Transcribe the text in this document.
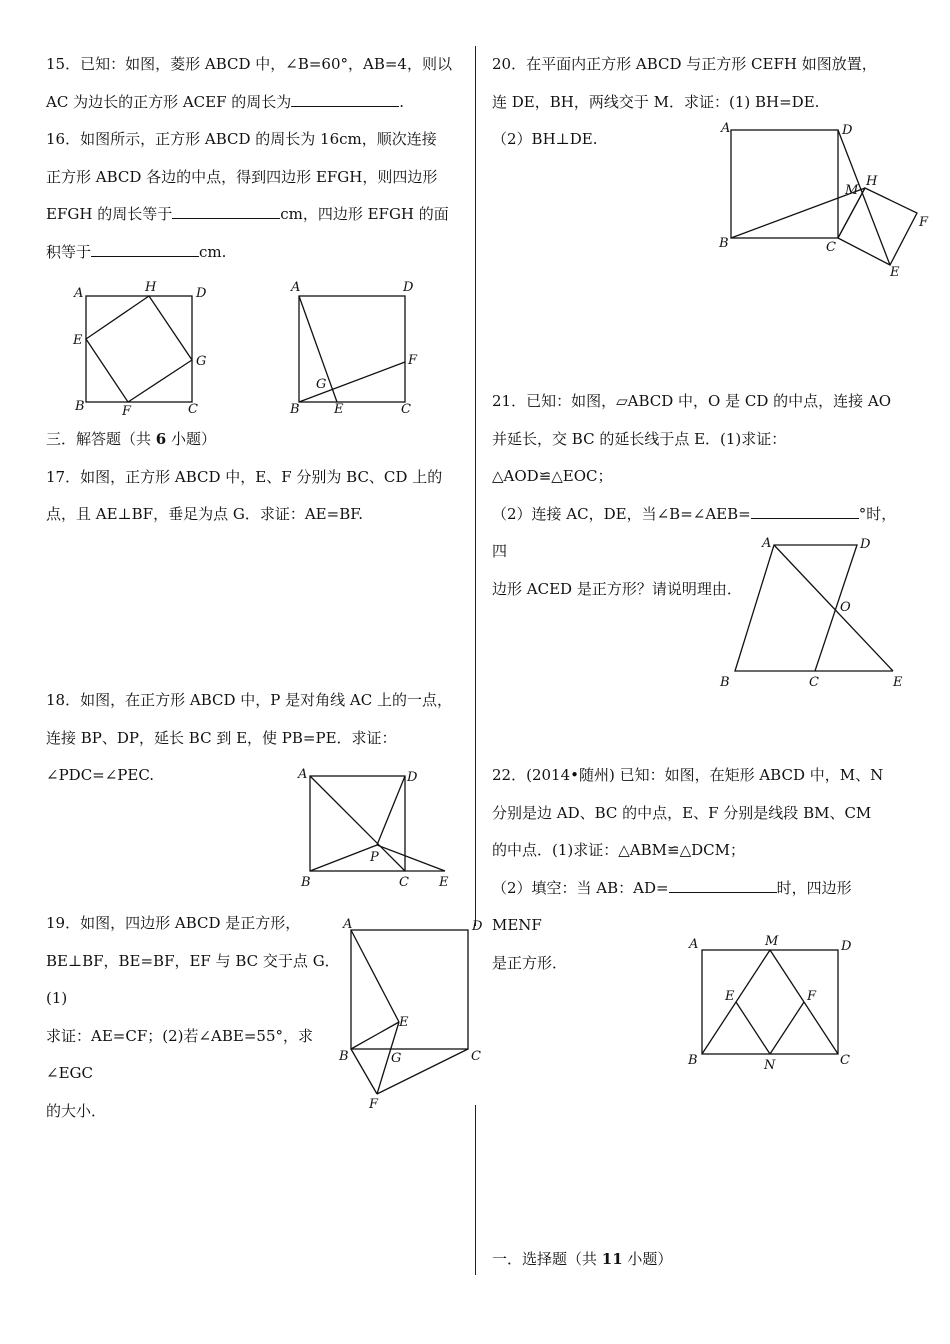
15．已知：如图，菱形 ABCD 中，∠B=60°，AB=4，则以

AC 为边长的正方形 ACEF 的周长为	.

16．如图所示，正方形 ABCD 的周长为 16cm，顺次连接

正方形 ABCD 各边的中点，得到四边形 EFGH，则四边形

EFGH 的周长等于	cm，四边形 EFGH 的面

积等于	cm.

三．解答题（共 6 小题）

17．如图，正方形 ABCD 中，E、F 分别为 BC、CD 上的

点，且 AE⊥BF，垂足为点 G．求证：AE=BF.

18．如图，在正方形 ABCD 中，P 是对角线 AC 上的一点，

连接 BP、DP，延长 BC 到 E，使 PB=PE．求证：∠PDC=∠PEC.

19．如图，四边形 ABCD 是正方形，

BE⊥BF，BE=BF，EF 与 BC 交于点 G．(1)

求证：AE=CF；(2)若∠ABE=55°，求∠EGC

的大小．

20．在平面内正方形 ABCD 与正方形 CEFH 如图放置，

连 DE，BH，两线交于 M．求证：(1) BH=DE.

（2）BH⊥DE.

21．已知：如图，▱ABCD 中，O 是 CD 的中点，连接 AO

并延长，交 BC 的延长线于点 E．(1)求证：△AOD≌△EOC；

（2）连接 AC，DE，当∠B=∠AEB=	°时，四

边形 ACED 是正方形？请说明理由．

22．(2014•随州) 已知：如图，在矩形 ABCD 中，M、N

分别是边 AD、BC 的中点，E、F 分别是线段 BM、CM

的中点．(1)求证：△ABM≌△DCM；

（2）填空：当 AB：AD=	时，四边形 MENF

是正方形．

一．选择题（共 11 小题）

A	H	D
E
G
B	F	C
A	D
F
G
B	E	C
A	D
P
B	C E
A	D
E
B	G	C
F
A	D
M
H
F
B	C
E
A	D
O
B	C	E
A	M	D
E	F
B	N	C
